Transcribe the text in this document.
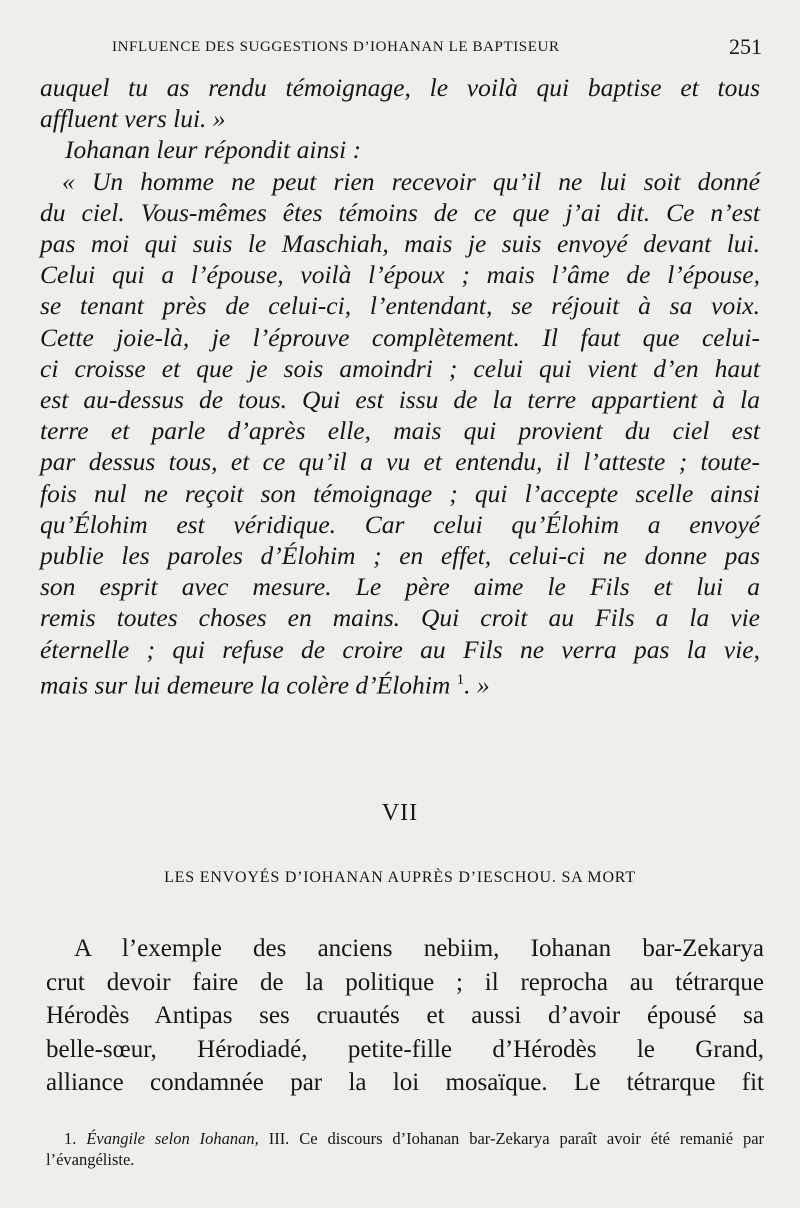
INFLUENCE DES SUGGESTIONS D’IOHANAN LE BAPTISEUR	251

auquel tu as rendu témoignage, le voilà qui baptise et tous

affluent vers lui. »

Iohanan leur répondit ainsi :

« Un homme ne peut rien recevoir qu’il ne lui soit donné

du ciel. Vous-mêmes êtes témoins de ce que j’ai dit. Ce n’est

pas moi qui suis le Maschiah, mais je suis envoyé devant lui.

Celui qui a l’épouse, voilà l’époux ; mais l’âme de l’épouse,

se tenant près de celui-ci, l’entendant, se réjouit à sa voix.

Cette joie-là, je l’éprouve complètement. Il faut que celui-

ci croisse et que je sois amoindri ; celui qui vient d’en haut

est au-dessus de tous. Qui est issu de la terre appartient à la

terre et parle d’après elle, mais qui provient du ciel est

par dessus tous, et ce qu’il a vu et entendu, il l’atteste ; toute-

fois nul ne reçoit son témoignage ; qui l’accepte scelle ainsi

qu’Élohim est véridique. Car celui qu’Élohim a envoyé

publie les paroles d’Élohim ; en effet, celui-ci ne donne pas

son esprit avec mesure. Le père aime le Fils et lui a

remis toutes choses en mains. Qui croit au Fils a la vie

éternelle ; qui refuse de croire au Fils ne verra pas la vie,

mais sur lui demeure la colère d’Élohim $^1$. »

VII
LES ENVOYÉS D’IOHANAN AUPRÈS D’IESCHOU. SA MORT

A l’exemple des anciens nebiim, Iohanan bar-Zekarya

crut devoir faire de la politique ; il reprocha au tétrarque
Hérodès Antipas ses cruautés et aussi d’avoir épousé sa
belle-sœur, Hérodiadé, petite-fille d’Hérodès le Grand,
alliance condamnée par la loi mosaïque. Le tétrarque fit

1. Évangile selon Iohanan, III. Ce discours d’Iohanan bar-Zekarya paraît avoir été remanié par l’évangéliste.
